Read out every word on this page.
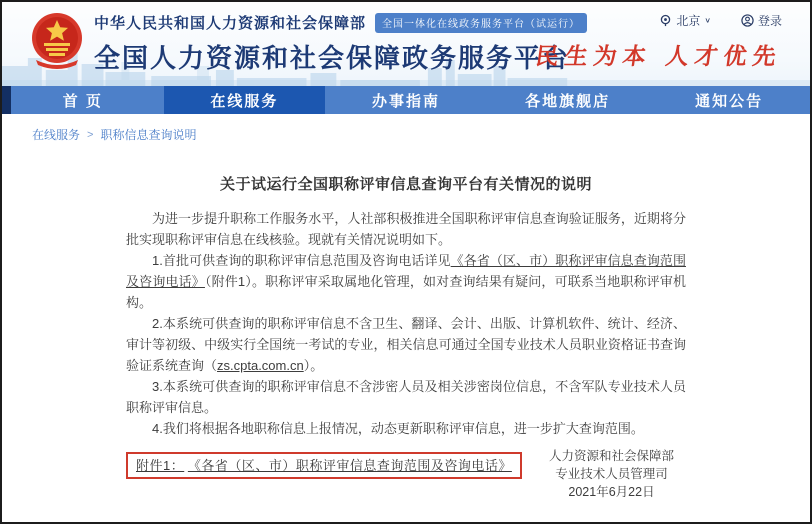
中华人民共和国人力资源和社会保障部	全国一体化在线政务服务平台（试运行）
全国人力资源和社会保障政务服务平台
北京 ∨	登录
民生为本 人才优先
首 页	在线服务	办事指南	各地旗舰店	通知公告
在线服务 > 职称信息查询说明
关于试运行全国职称评审信息查询平台有关情况的说明

为进一步提升职称工作服务水平，人社部积极推进全国职称评审信息查询验证服务，近期将分批实现职称评审信息在线核验。现就有关情况说明如下。

1.首批可供查询的职称评审信息范围及咨询电话详见《各省（区、市）职称评审信息查询范围及咨询电话》（附件1）。职称评审采取属地化管理，如对查询结果有疑问，可联系当地职称评审机构。

2.本系统可供查询的职称评审信息不含卫生、翻译、会计、出版、计算机软件、统计、经济、审计等初级、中级实行全国统一考试的专业，相关信息可通过全国专业技术人员职业资格证书查询验证系统查询（zs.cpta.com.cn）。

3.本系统可供查询的职称评审信息不含涉密人员及相关涉密岗位信息，不含军队专业技术人员职称评审信息。

4.我们将根据各地职称信息上报情况，动态更新职称评审信息，进一步扩大查询范围。

附件1： 《各省（区、市）职称评审信息查询范围及咨询电话》
人力资源和社会保障部
专业技术人员管理司
2021年6月22日
